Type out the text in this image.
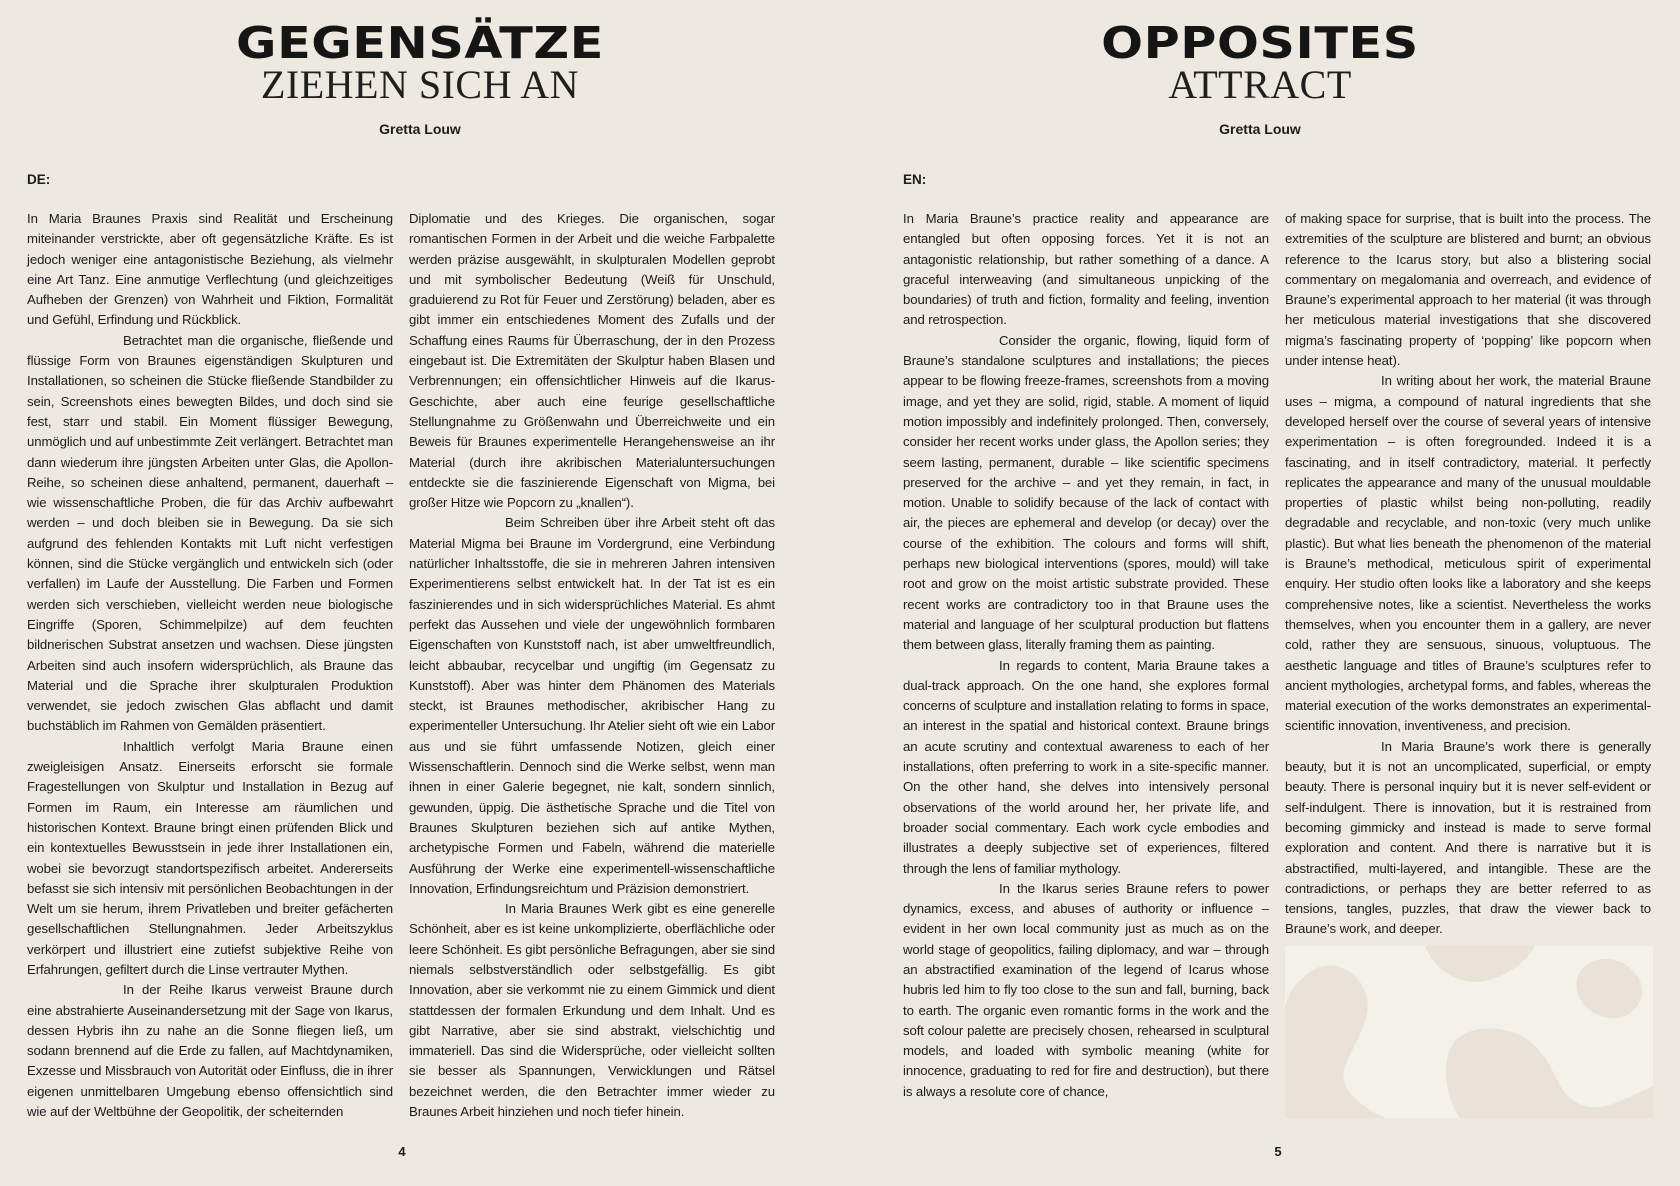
GEGENSÄTZE
ZIEHEN SICH AN
Gretta Louw
DE:

In Maria Braunes Praxis sind Realität und Erscheinung miteinander verstrickte, aber oft gegensätzliche Kräfte. Es ist jedoch weniger eine antagonistische Beziehung, als vielmehr eine Art Tanz. Eine anmutige Verflechtung (und gleichzeitiges Aufheben der Grenzen) von Wahrheit und Fiktion, Formalität und Gefühl, Erfindung und Rückblick.

Betrachtet man die organische, fließende und flüssige Form von Braunes eigenständigen Skulpturen und Installationen, so scheinen die Stücke fließende Standbilder zu sein, Screenshots eines bewegten Bildes, und doch sind sie fest, starr und stabil. Ein Moment flüssiger Bewegung, unmöglich und auf unbestimmte Zeit verlängert. Betrachtet man dann wiederum ihre jüngsten Arbeiten unter Glas, die Apollon-Reihe, so scheinen diese anhaltend, permanent, dauerhaft – wie wissenschaftliche Proben, die für das Archiv aufbewahrt werden – und doch bleiben sie in Bewegung. Da sie sich aufgrund des fehlenden Kontakts mit Luft nicht verfestigen können, sind die Stücke vergänglich und entwickeln sich (oder verfallen) im Laufe der Ausstellung. Die Farben und Formen werden sich verschieben, vielleicht werden neue biologische Eingriffe (Sporen, Schimmelpilze) auf dem feuchten bildnerischen Substrat ansetzen und wachsen. Diese jüngsten Arbeiten sind auch insofern widersprüchlich, als Braune das Material und die Sprache ihrer skulpturalen Produktion verwendet, sie jedoch zwischen Glas abflacht und damit buchstäblich im Rahmen von Gemälden präsentiert.

Inhaltlich verfolgt Maria Braune einen zweigleisigen Ansatz. Einerseits erforscht sie formale Fragestellungen von Skulptur und Installation in Bezug auf Formen im Raum, ein Interesse am räumlichen und historischen Kontext. Braune bringt einen prüfenden Blick und ein kontextuelles Bewusstsein in jede ihrer Installationen ein, wobei sie bevorzugt standortspezifisch arbeitet. Andererseits befasst sie sich intensiv mit persönlichen Beobachtungen in der Welt um sie herum, ihrem Privatleben und breiter gefächerten gesellschaftlichen Stellungnahmen. Jeder Arbeitszyklus verkörpert und illustriert eine zutiefst subjektive Reihe von Erfahrungen, gefiltert durch die Linse vertrauter Mythen.

In der Reihe Ikarus verweist Braune durch eine abstrahierte Auseinandersetzung mit der Sage von Ikarus, dessen Hybris ihn zu nahe an die Sonne fliegen ließ, um sodann brennend auf die Erde zu fallen, auf Machtdynamiken, Exzesse und Missbrauch von Autorität oder Einfluss, die in ihrer eigenen unmittelbaren Umgebung ebenso offensichtlich sind wie auf der Weltbühne der Geopolitik, der scheiternden

Diplomatie und des Krieges. Die organischen, sogar romantischen Formen in der Arbeit und die weiche Farbpalette werden präzise ausgewählt, in skulpturalen Modellen geprobt und mit symbolischer Bedeutung (Weiß für Unschuld, graduierend zu Rot für Feuer und Zerstörung) beladen, aber es gibt immer ein entschiedenes Moment des Zufalls und der Schaffung eines Raums für Überraschung, der in den Prozess eingebaut ist. Die Extremitäten der Skulptur haben Blasen und Verbrennungen; ein offensichtlicher Hinweis auf die Ikarus-Geschichte, aber auch eine feurige gesellschaftliche Stellungnahme zu Größenwahn und Überreichweite und ein Beweis für Braunes experimentelle Herangehensweise an ihr Material (durch ihre akribischen Materialuntersuchungen entdeckte sie die faszinierende Eigenschaft von Migma, bei großer Hitze wie Popcorn zu „knallen“).

Beim Schreiben über ihre Arbeit steht oft das Material Migma bei Braune im Vordergrund, eine Verbindung natürlicher Inhaltsstoffe, die sie in mehreren Jahren intensiven Experimentierens selbst entwickelt hat. In der Tat ist es ein faszinierendes und in sich widersprüchliches Material. Es ahmt perfekt das Aussehen und viele der ungewöhnlich formbaren Eigenschaften von Kunststoff nach, ist aber umweltfreundlich, leicht abbaubar, recycelbar und ungiftig (im Gegensatz zu Kunststoff). Aber was hinter dem Phänomen des Materials steckt, ist Braunes methodischer, akribischer Hang zu experimenteller Untersuchung. Ihr Atelier sieht oft wie ein Labor aus und sie führt umfassende Notizen, gleich einer Wissenschaftlerin. Dennoch sind die Werke selbst, wenn man ihnen in einer Galerie begegnet, nie kalt, sondern sinnlich, gewunden, üppig. Die ästhetische Sprache und die Titel von Braunes Skulpturen beziehen sich auf antike Mythen, archetypische Formen und Fabeln, während die materielle Ausführung der Werke eine experimentell-wissenschaftliche Innovation, Erfindungsreichtum und Präzision demonstriert.

In Maria Braunes Werk gibt es eine generelle Schönheit, aber es ist keine unkomplizierte, oberflächliche oder leere Schönheit. Es gibt persönliche Befragungen, aber sie sind niemals selbstverständlich oder selbstgefällig. Es gibt Innovation, aber sie verkommt nie zu einem Gimmick und dient stattdessen der formalen Erkundung und dem Inhalt. Und es gibt Narrative, aber sie sind abstrakt, vielschichtig und immateriell. Das sind die Widersprüche, oder vielleicht sollten sie besser als Spannungen, Verwicklungen und Rätsel bezeichnet werden, die den Betrachter immer wieder zu Braunes Arbeit hinziehen und noch tiefer hinein.

4
OPPOSITES
ATTRACT
Gretta Louw
EN:

In Maria Braune’s practice reality and appearance are entangled but often opposing forces. Yet it is not an antagonistic relationship, but rather something of a dance. A graceful interweaving (and simultaneous unpicking of the boundaries) of truth and fiction, formality and feeling, invention and retrospection.

Consider the organic, flowing, liquid form of Braune’s standalone sculptures and installations; the pieces appear to be flowing freeze-frames, screenshots from a moving image, and yet they are solid, rigid, stable. A moment of liquid motion impossibly and indefinitely prolonged. Then, conversely, consider her recent works under glass, the Apollon series; they seem lasting, permanent, durable – like scientific specimens preserved for the archive – and yet they remain, in fact, in motion. Unable to solidify because of the lack of contact with air, the pieces are ephemeral and develop (or decay) over the course of the exhibition. The colours and forms will shift, perhaps new biological interventions (spores, mould) will take root and grow on the moist artistic substrate provided. These recent works are contradictory too in that Braune uses the material and language of her sculptural production but flattens them between glass, literally framing them as painting.

In regards to content, Maria Braune takes a dual-track approach. On the one hand, she explores formal concerns of sculpture and installation relating to forms in space, an interest in the spatial and historical context. Braune brings an acute scrutiny and contextual awareness to each of her installations, often preferring to work in a site-specific manner. On the other hand, she delves into intensively personal observations of the world around her, her private life, and broader social commentary. Each work cycle embodies and illustrates a deeply subjective set of experiences, filtered through the lens of familiar mythology.

In the Ikarus series Braune refers to power dynamics, excess, and abuses of authority or influence – evident in her own local community just as much as on the world stage of geopolitics, failing diplomacy, and war – through an abstractified examination of the legend of Icarus whose hubris led him to fly too close to the sun and fall, burning, back to earth. The organic even romantic forms in the work and the soft colour palette are precisely chosen, rehearsed in sculptural models, and loaded with symbolic meaning (white for innocence, graduating to red for fire and destruction), but there is always a resolute core of chance,

of making space for surprise, that is built into the process. The extremities of the sculpture are blistered and burnt; an obvious reference to the Icarus story, but also a blistering social commentary on megalomania and overreach, and evidence of Braune’s experimental approach to her material (it was through her meticulous material investigations that she discovered migma’s fascinating property of ‘popping’ like popcorn when under intense heat).

In writing about her work, the material Braune uses – migma, a compound of natural ingredients that she developed herself over the course of several years of intensive experimentation – is often foregrounded. Indeed it is a fascinating, and in itself contradictory, material. It perfectly replicates the appearance and many of the unusual mouldable properties of plastic whilst being non-polluting, readily degradable and recyclable, and non-toxic (very much unlike plastic). But what lies beneath the phenomenon of the material is Braune’s methodical, meticulous spirit of experimental enquiry. Her studio often looks like a laboratory and she keeps comprehensive notes, like a scientist. Nevertheless the works themselves, when you encounter them in a gallery, are never cold, rather they are sensuous, sinuous, voluptuous. The aesthetic language and titles of Braune’s sculptures refer to ancient mythologies, archetypal forms, and fables, whereas the material execution of the works demonstrates an experimental-scientific innovation, inventiveness, and precision.

In Maria Braune’s work there is generally beauty, but it is not an uncomplicated, superficial, or empty beauty. There is personal inquiry but it is never self-evident or self-indulgent. There is innovation, but it is restrained from becoming gimmicky and instead is made to serve formal exploration and content. And there is narrative but it is abstractified, multi-layered, and intangible. These are the contradictions, or perhaps they are better referred to as tensions, tangles, puzzles, that draw the viewer back to Braune’s work, and deeper.

5
